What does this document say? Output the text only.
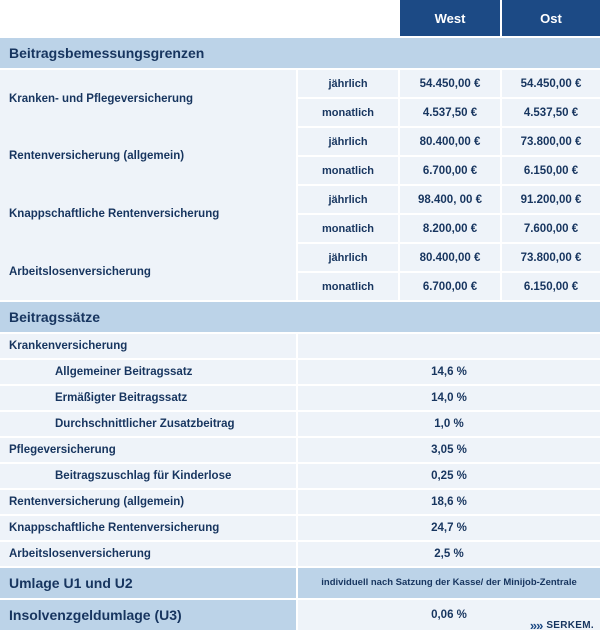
				West		Ost
Beitragsbemessungsgrenzen						
Kranken- und Pflegeversicherung		jährlich		54.450,00 €		54.450,00 €
		monatlich		4.537,50 €		4.537,50 €
Rentenversicherung (allgemein)		jährlich		80.400,00 €		73.800,00 €
		monatlich		6.700,00 €		6.150,00 €
Knappschaftliche Rentenversicherung		jährlich		98.400, 00 €		91.200,00 €
		monatlich		8.200,00 €		7.600,00 €
Arbeitslosenversicherung		jährlich		80.400,00 €		73.800,00 €
		monatlich		6.700,00 €		6.150,00 €
Beitragssätze						
Krankenversicherung						
Allgemeiner Beitragssatz		14,6 %				
Ermäßigter Beitragssatz		14,0 %				
Durchschnittlicher Zusatzbeitrag		1,0 %				
Pflegeversicherung		3,05 %				
Beitragszuschlag für Kinderlose		0,25 %				
Rentenversicherung (allgemein)		18,6 %				
Knappschaftliche Rentenversicherung		24,7 %				
Arbeitslosenversicherung		2,5 %				
Umlage U1 und U2		individuell nach Satzung der Kasse/ der Minijob-Zentrale				
Insolvenzgeldumlage (U3)		0,06 %				
»» SERKEM.
